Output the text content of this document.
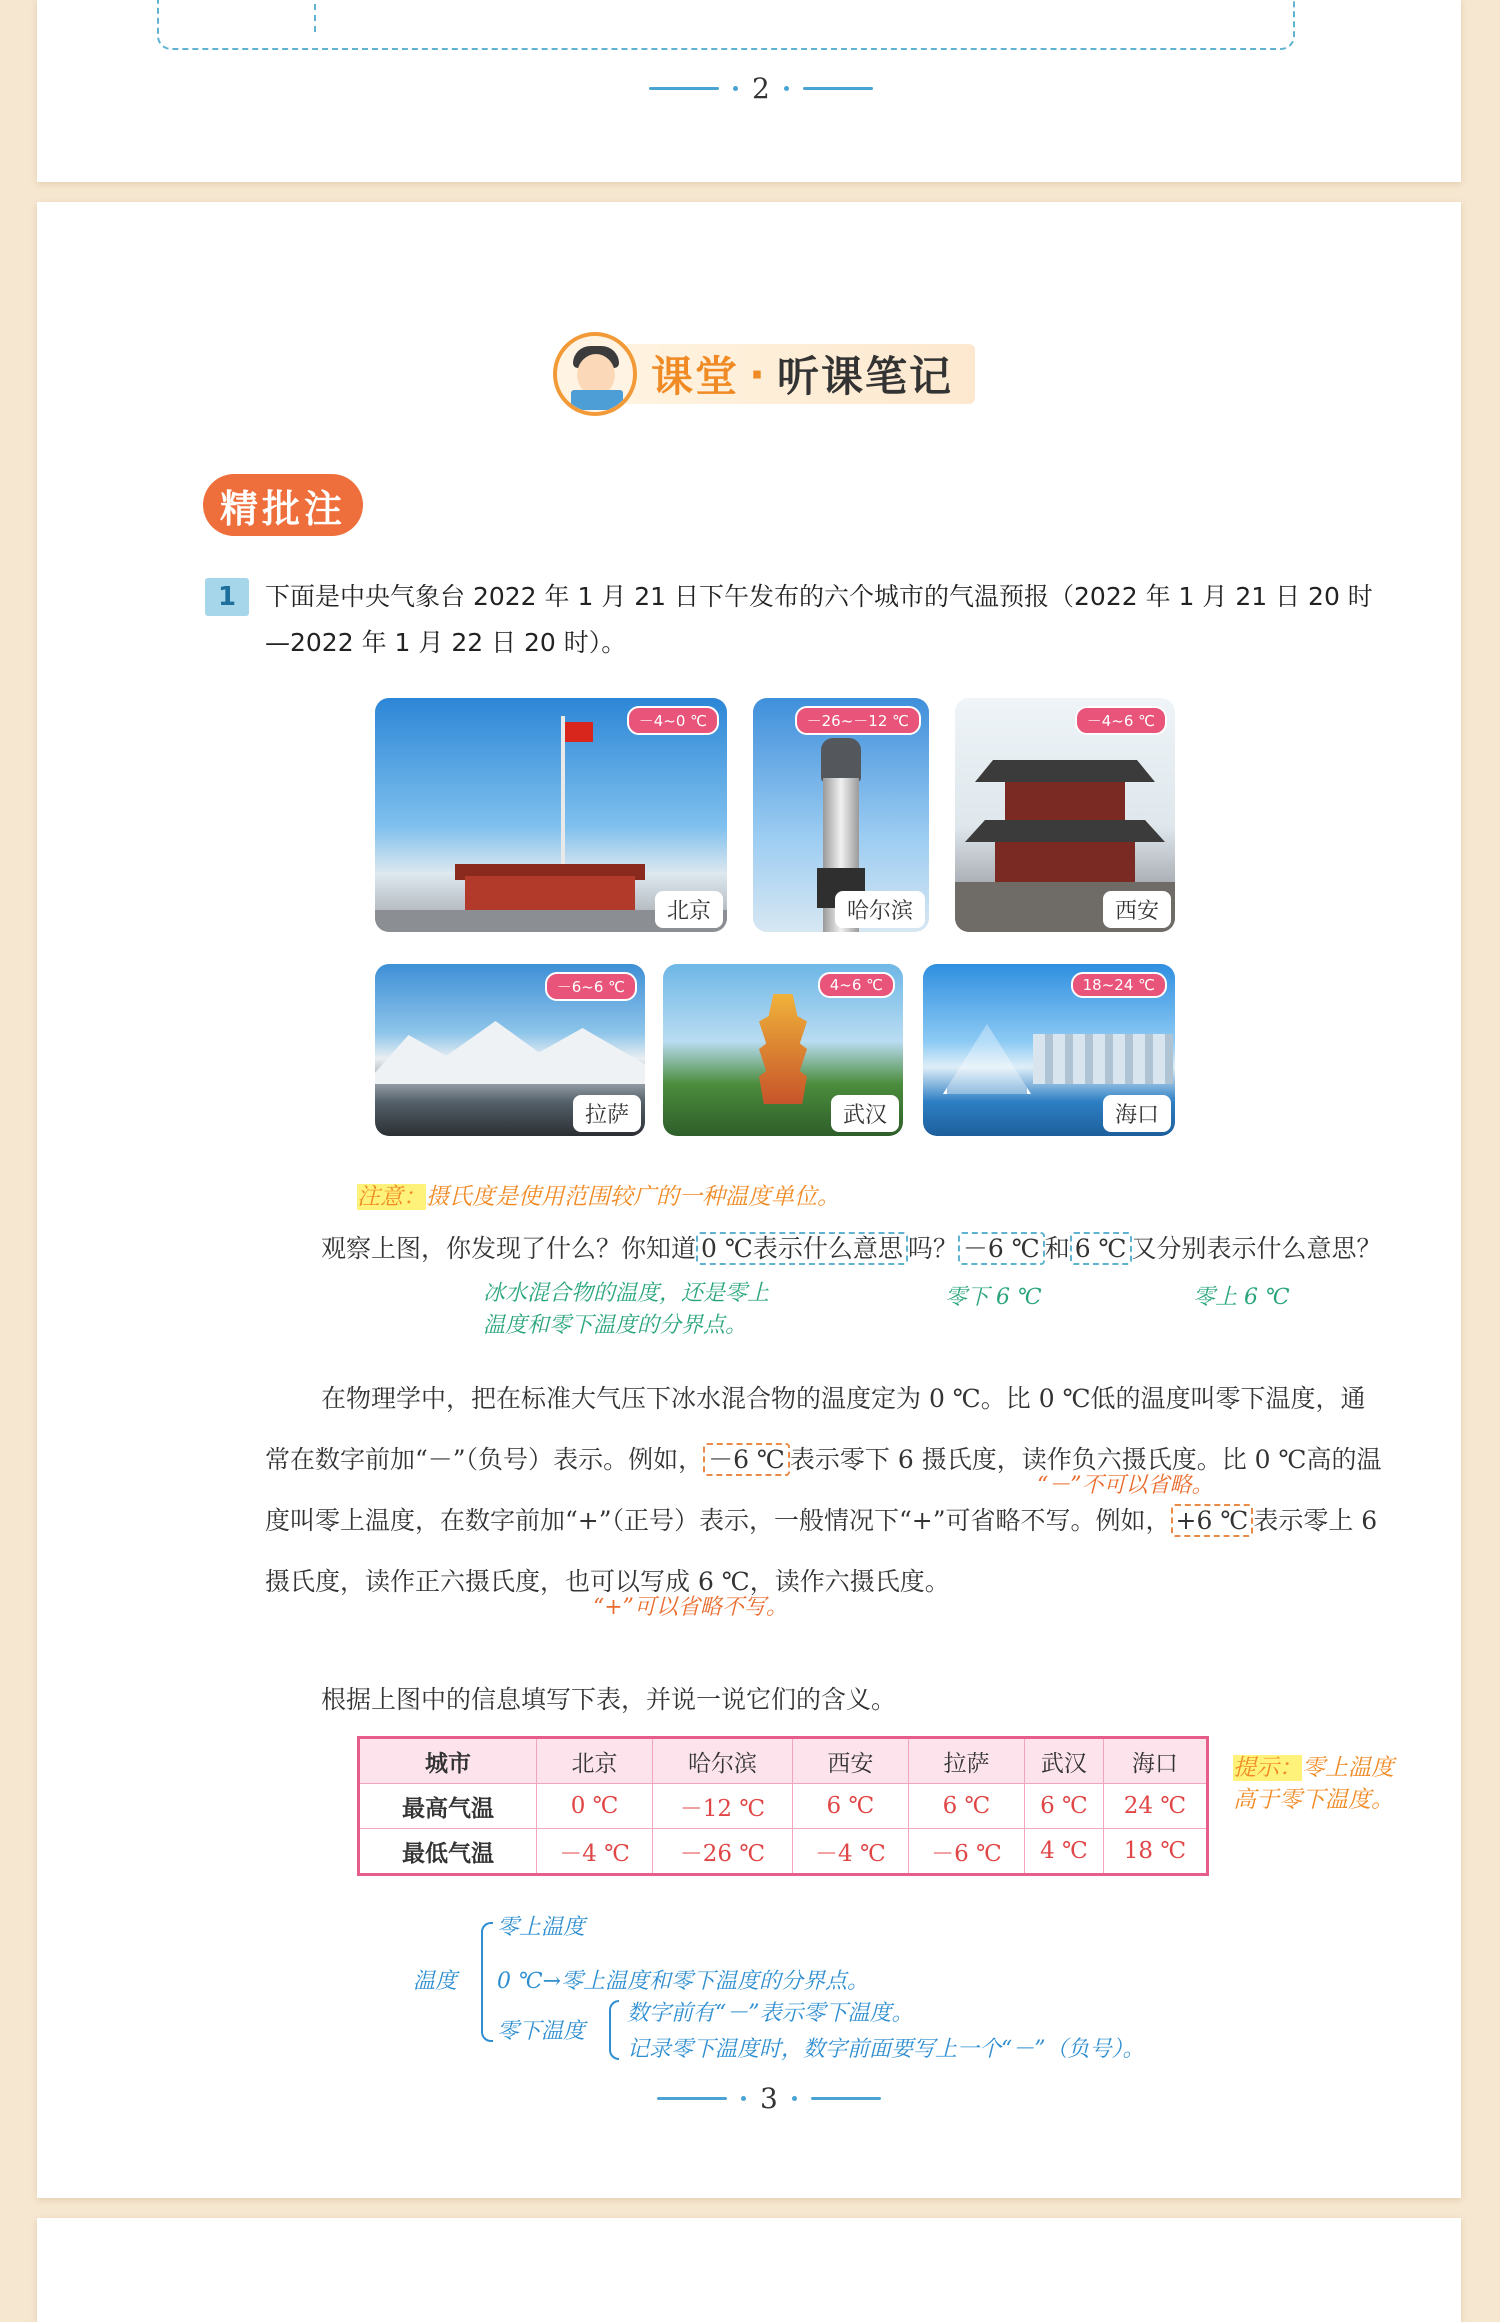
2
课堂 · 听课笔记
精批注
1	下面是中央气象台 2022 年 1 月 21 日下午发布的六个城市的气温预报（2022 年 1 月 21 日 20 时—2022 年 1 月 22 日 20 时）。
－4~0 ℃
北京
－26~－12 ℃
哈尔滨
－4~6 ℃
西安
－6~6 ℃
拉萨
4~6 ℃
武汉
18~24 ℃
海口
注意：摄氏度是使用范围较广的一种温度单位。
观察上图，你发现了什么？你知道 0 ℃表示什么意思 吗？ －6 ℃ 和 6 ℃ 又分别表示什么意思？
冰水混合物的温度，还是零上
温度和零下温度的分界点。
零下 6 ℃	零上 6 ℃
在物理学中，把在标准大气压下冰水混合物的温度定为 0 ℃。比 0 ℃低的温度叫零下温度，通常在数字前加“－”（负号）表示。例如， －6 ℃ 表示零下 6 摄氏度，读作负六摄氏度。比 0 ℃高的温度叫零上温度，在数字前加“+”（正号）表示，一般情况下“+”可省略不写。例如， +6 ℃ 表示零上 6 摄氏度，读作正六摄氏度，也可以写成 6 ℃，读作六摄氏度。
“－”不可以省略。
“+”可以省略不写。
根据上图中的信息填写下表，并说一说它们的含义。
城市	北京	哈尔滨	西安	拉萨	武汉	海口
最高气温	0 ℃	－12 ℃	6 ℃	6 ℃	6 ℃	24 ℃
最低气温	－4 ℃	－26 ℃	－4 ℃	－6 ℃	4 ℃	18 ℃
提示：零上温度高于零下温度。
温度
零上温度
0 ℃→零上温度和零下温度的分界点。
零下温度
数字前有“－”表示零下温度。
记录零下温度时，数字前面要写上一个“－”（负号）。
3
